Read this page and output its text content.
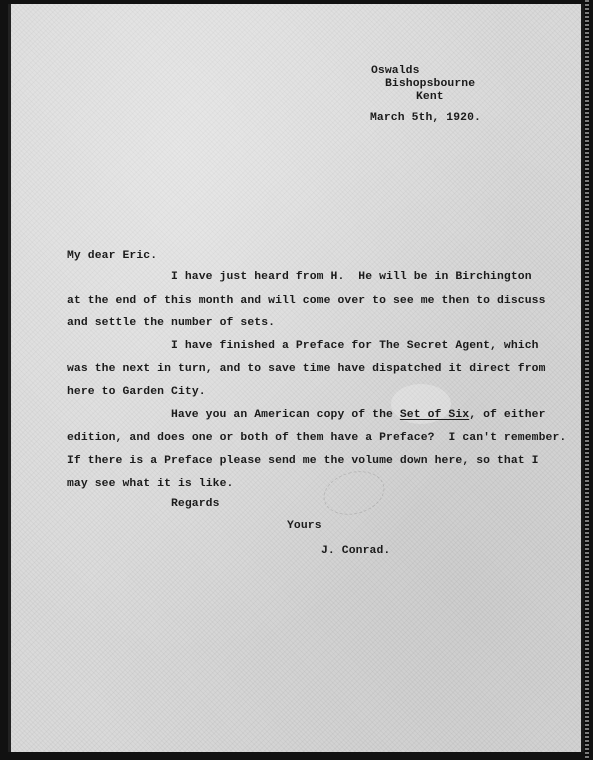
Oswalds
Bishopsbourne
Kent
March 5th, 1920.
My dear Eric.
I have just heard from H.  He will be in Birchington
at the end of this month and will come over to see me then to discuss
and settle the number of sets.
I have finished a Preface for The Secret Agent, which
was the next in turn, and to save time have dispatched it direct from
here to Garden City.
Have you an American copy of the Set of Six, of either
edition, and does one or both of them have a Preface?  I can't remember.
If there is a Preface please send me the volume down here, so that I
may see what it is like.
Regards
Yours
J. Conrad.
